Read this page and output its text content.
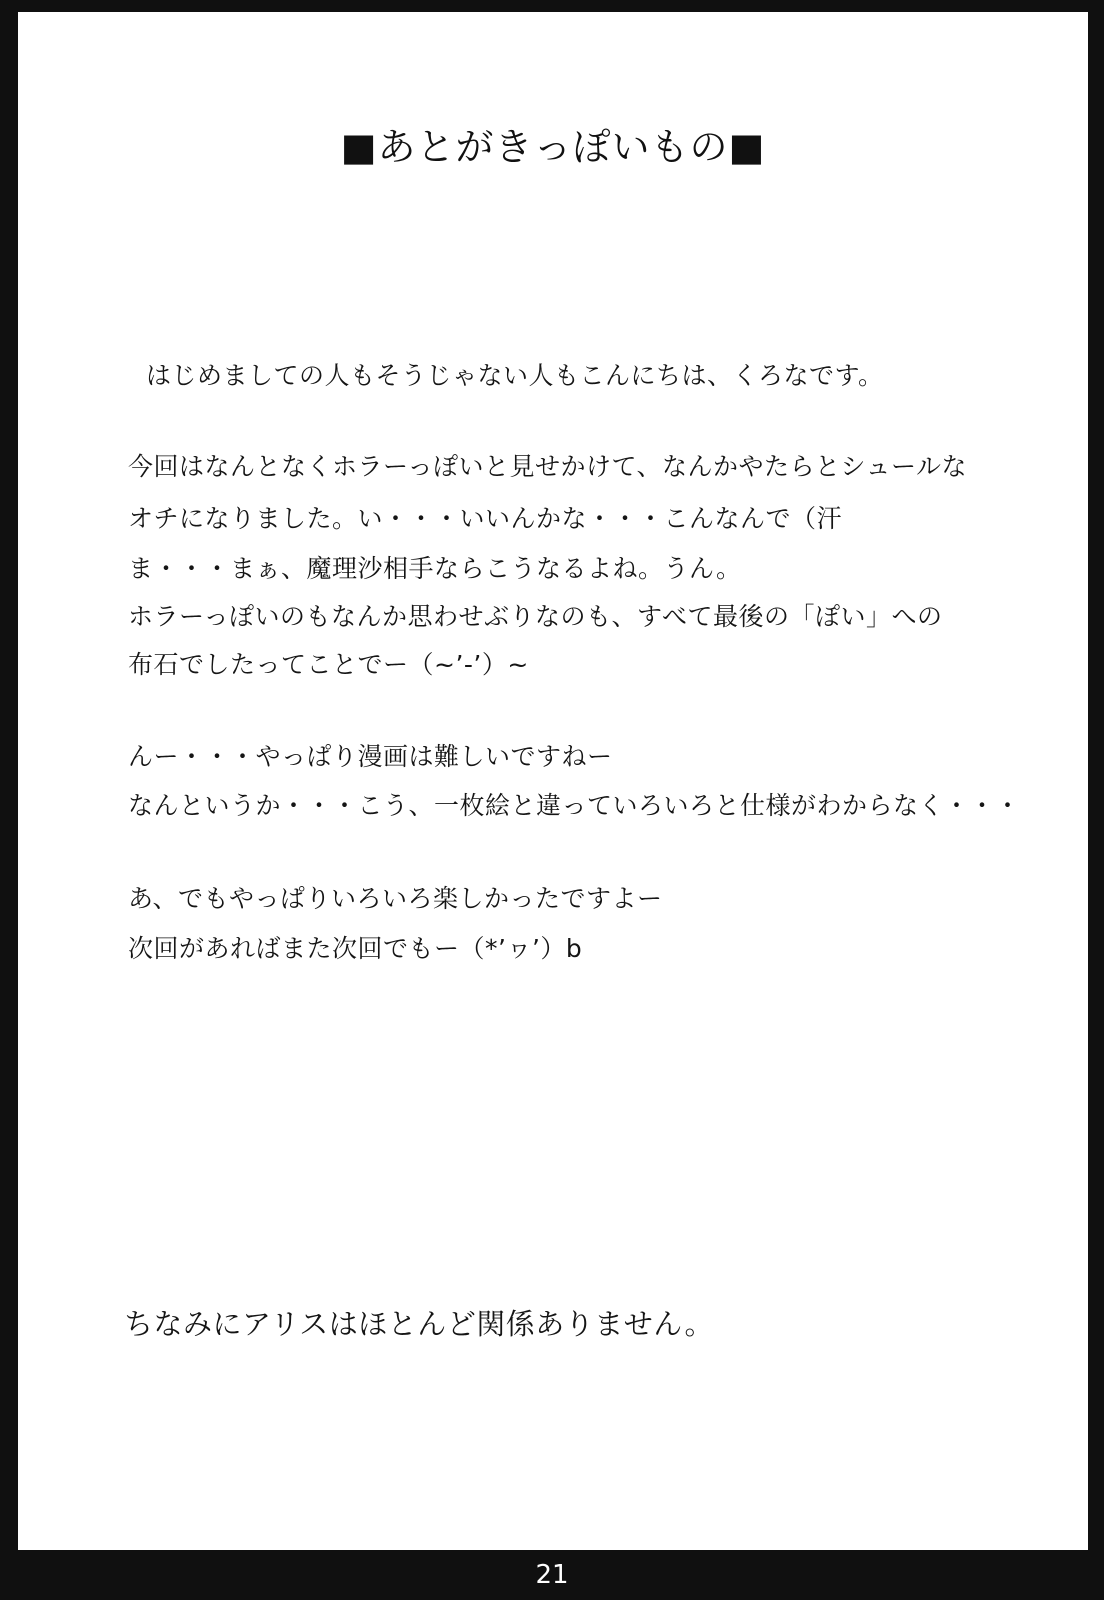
■あとがきっぽいもの■
はじめましての人もそうじゃない人もこんにちは、くろなです。
今回はなんとなくホラーっぽいと見せかけて、なんかやたらとシュールな
オチになりました。い・・・いいんかな・・・こんなんで（汗
ま・・・まぁ、魔理沙相手ならこうなるよね。うん。
ホラーっぽいのもなんか思わせぶりなのも、すべて最後の「ぽい」への
布石でしたってことでー（~’-’）~
んー・・・やっぱり漫画は難しいですねー
なんというか・・・こう、一枚絵と違っていろいろと仕様がわからなく・・・
あ、でもやっぱりいろいろ楽しかったですよー
次回があればまた次回でもー（*’ヮ’）b
ちなみにアリスはほとんど関係ありません。
21
